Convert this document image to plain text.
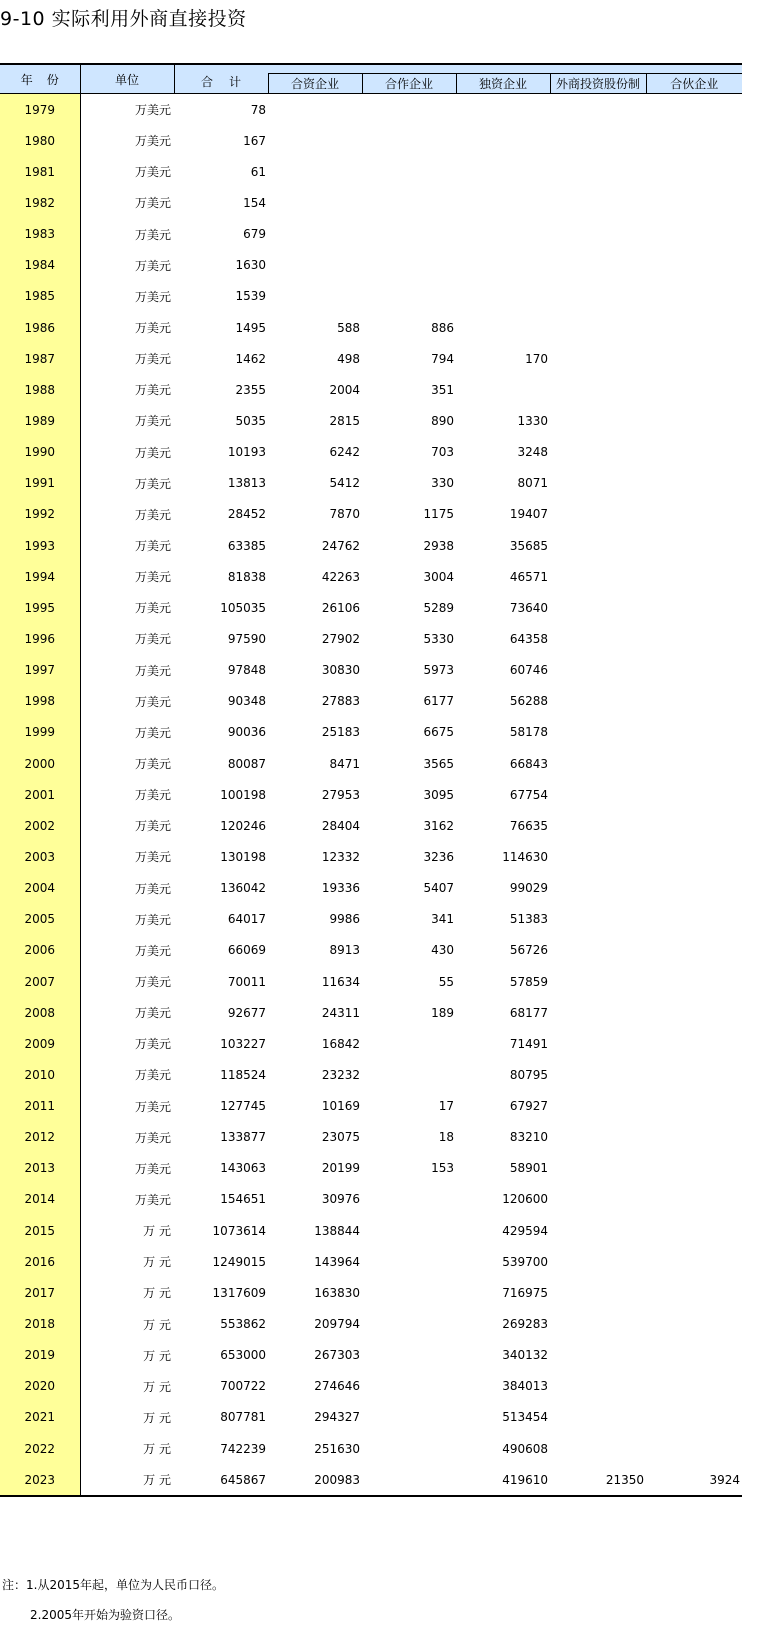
9-10 实际利用外商直接投资
年份	单位	合计					
			合资企业	合作企业	独资企业	外商投资股份制	合伙企业
1979	万美元	78					
1980	万美元	167					
1981	万美元	61					
1982	万美元	154					
1983	万美元	679					
1984	万美元	1630					
1985	万美元	1539					
1986	万美元	1495	588	886			
1987	万美元	1462	498	794	170		
1988	万美元	2355	2004	351			
1989	万美元	5035	2815	890	1330		
1990	万美元	10193	6242	703	3248		
1991	万美元	13813	5412	330	8071		
1992	万美元	28452	7870	1175	19407		
1993	万美元	63385	24762	2938	35685		
1994	万美元	81838	42263	3004	46571		
1995	万美元	105035	26106	5289	73640		
1996	万美元	97590	27902	5330	64358		
1997	万美元	97848	30830	5973	60746		
1998	万美元	90348	27883	6177	56288		
1999	万美元	90036	25183	6675	58178		
2000	万美元	80087	8471	3565	66843		
2001	万美元	100198	27953	3095	67754		
2002	万美元	120246	28404	3162	76635		
2003	万美元	130198	12332	3236	114630		
2004	万美元	136042	19336	5407	99029		
2005	万美元	64017	9986	341	51383		
2006	万美元	66069	8913	430	56726		
2007	万美元	70011	11634	55	57859		
2008	万美元	92677	24311	189	68177		
2009	万美元	103227	16842		71491		
2010	万美元	118524	23232		80795		
2011	万美元	127745	10169	17	67927		
2012	万美元	133877	23075	18	83210		
2013	万美元	143063	20199	153	58901		
2014	万美元	154651	30976		120600		
2015	万 元	1073614	138844		429594		
2016	万 元	1249015	143964		539700		
2017	万 元	1317609	163830		716975		
2018	万 元	553862	209794		269283		
2019	万 元	653000	267303		340132		
2020	万 元	700722	274646		384013		
2021	万 元	807781	294327		513454		
2022	万 元	742239	251630		490608		
2023	万 元	645867	200983		419610	21350	3924
注：1.从2015年起，单位为人民币口径。
2.2005年开始为验资口径。
